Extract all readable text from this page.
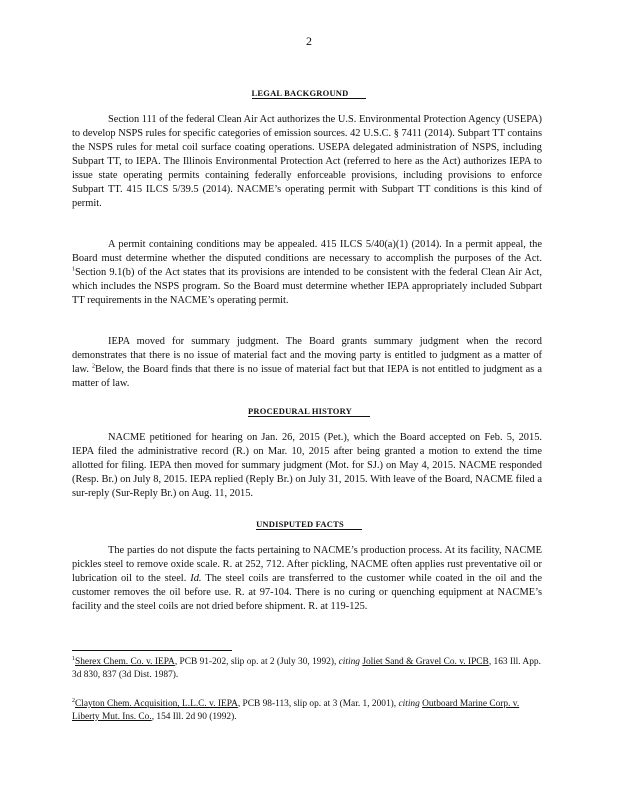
2
LEGAL BACKGROUND

Section 111 of the federal Clean Air Act authorizes the U.S. Environmental Protection Agency (USEPA) to develop NSPS rules for specific categories of emission sources. 42 U.S.C. § 7411 (2014). Subpart TT contains the NSPS rules for metal coil surface coating operations. USEPA delegated administration of NSPS, including Subpart TT, to IEPA. The Illinois Environmental Protection Act (referred to here as the Act) authorizes IEPA to issue state operating permits containing federally enforceable provisions, including provisions to enforce Subpart TT. 415 ILCS 5/39.5 (2014). NACME’s operating permit with Subpart TT conditions is this kind of permit.

A permit containing conditions may be appealed. 415 ILCS 5/40(a)(1) (2014). In a permit appeal, the Board must determine whether the disputed conditions are necessary to accomplish the purposes of the Act. $^1$Section 9.1(b) of the Act states that its provisions are intended to be consistent with the federal Clean Air Act, which includes the NSPS program. So the Board must determine whether IEPA appropriately included Subpart TT requirements in the NACME’s operating permit.

IEPA moved for summary judgment. The Board grants summary judgment when the record demonstrates that there is no issue of material fact and the moving party is entitled to judgment as a matter of law. $^2$Below, the Board finds that there is no issue of material fact but that IEPA is not entitled to judgment as a matter of law.

PROCEDURAL HISTORY

NACME petitioned for hearing on Jan. 26, 2015 (Pet.), which the Board accepted on Feb. 5, 2015. IEPA filed the administrative record (R.) on Mar. 10, 2015 after being granted a motion to extend the time allotted for filing. IEPA then moved for summary judgment (Mot. for SJ.) on May 4, 2015. NACME responded (Resp. Br.) on July 8, 2015. IEPA replied (Reply Br.) on July 31, 2015. With leave of the Board, NACME filed a sur-reply (Sur-Reply Br.) on Aug. 11, 2015.

UNDISPUTED FACTS

The parties do not dispute the facts pertaining to NACME’s production process. At its facility, NACME pickles steel to remove oxide scale. R. at 252, 712. After pickling, NACME often applies rust preventative oil or lubrication oil to the steel. Id. The steel coils are transferred to the customer while coated in the oil and the customer removes the oil before use. R. at 97-104. There is no curing or quenching equipment at NACME’s facility and the steel coils are not dried before shipment. R. at 119-125.

$^1$Sherex Chem. Co. v. IEPA, PCB 91-202, slip op. at 2 (July 30, 1992), citing Joliet Sand & Gravel Co. v. IPCB, 163 Ill. App. 3d 830, 837 (3d Dist. 1987).

$^2$Clayton Chem. Acquisition, L.L.C. v. IEPA, PCB 98-113, slip op. at 3 (Mar. 1, 2001), citing Outboard Marine Corp. v. Liberty Mut. Ins. Co., 154 Ill. 2d 90 (1992).
